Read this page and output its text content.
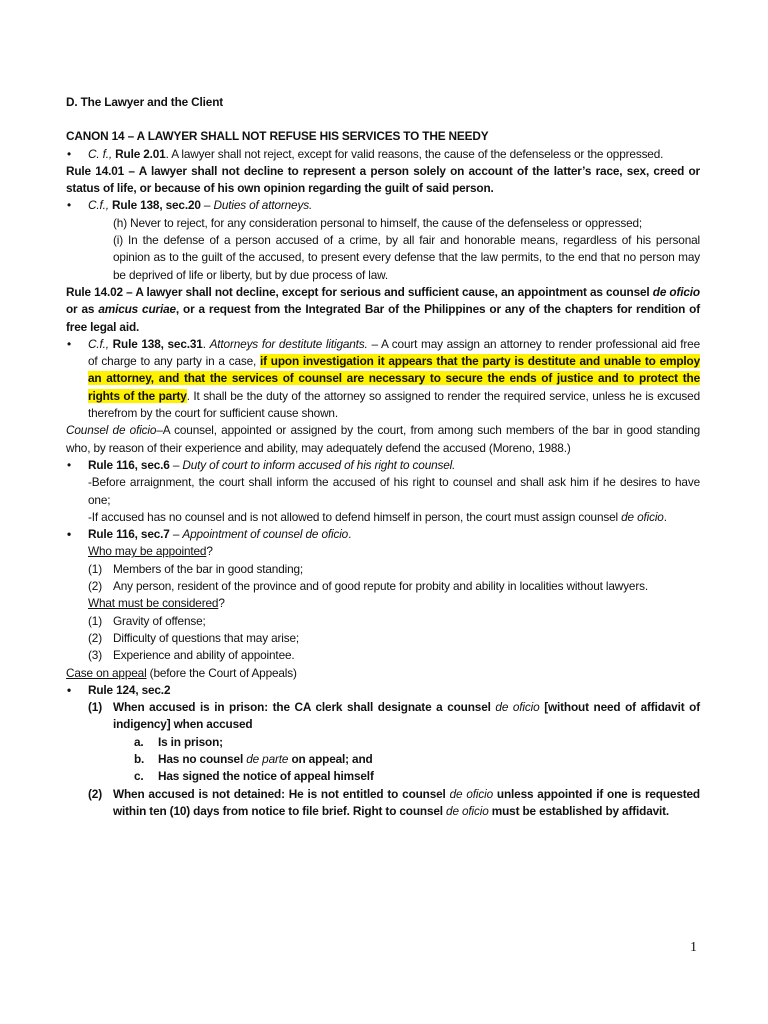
D. The Lawyer and the Client
CANON 14 – A LAWYER SHALL NOT REFUSE HIS SERVICES TO THE NEEDY
• C. f., Rule 2.01. A lawyer shall not reject, except for valid reasons, the cause of the defenseless or the oppressed.
Rule 14.01 – A lawyer shall not decline to represent a person solely on account of the latter’s race, sex, creed or status of life, or because of his own opinion regarding the guilt of said person.
• C.f., Rule 138, sec.20 – Duties of attorneys.
(h) Never to reject, for any consideration personal to himself, the cause of the defenseless or oppressed;
(i) In the defense of a person accused of a crime, by all fair and honorable means, regardless of his personal opinion as to the guilt of the accused, to present every defense that the law permits, to the end that no person may be deprived of life or liberty, but by due process of law.
Rule 14.02 – A lawyer shall not decline, except for serious and sufficient cause, an appointment as counsel de oficio or as amicus curiae, or a request from the Integrated Bar of the Philippines or any of the chapters for rendition of free legal aid.
• C.f., Rule 138, sec.31. Attorneys for destitute litigants. – A court may assign an attorney to render professional aid free of charge to any party in a case, if upon investigation it appears that the party is destitute and unable to employ an attorney, and that the services of counsel are necessary to secure the ends of justice and to protect the rights of the party. It shall be the duty of the attorney so assigned to render the required service, unless he is excused therefrom by the court for sufficient cause shown.
Counsel de oficio–A counsel, appointed or assigned by the court, from among such members of the bar in good standing who, by reason of their experience and ability, may adequately defend the accused (Moreno, 1988.)
• Rule 116, sec.6 – Duty of court to inform accused of his right to counsel.
-Before arraignment, the court shall inform the accused of his right to counsel and shall ask him if he desires to have one;
-If accused has no counsel and is not allowed to defend himself in person, the court must assign counsel de oficio.
• Rule 116, sec.7 – Appointment of counsel de oficio.
Who may be appointed?
(1) Members of the bar in good standing;
(2) Any person, resident of the province and of good repute for probity and ability in localities without lawyers.
What must be considered?
(1) Gravity of offense;
(2) Difficulty of questions that may arise;
(3) Experience and ability of appointee.
Case on appeal (before the Court of Appeals)
• Rule 124, sec.2
(1) When accused is in prison: the CA clerk shall designate a counsel de oficio [without need of affidavit of indigency] when accused
a. Is in prison;
b. Has no counsel de parte on appeal; and
c. Has signed the notice of appeal himself
(2) When accused is not detained: He is not entitled to counsel de oficio unless appointed if one is requested within ten (10) days from notice to file brief. Right to counsel de oficio must be established by affidavit.
1
